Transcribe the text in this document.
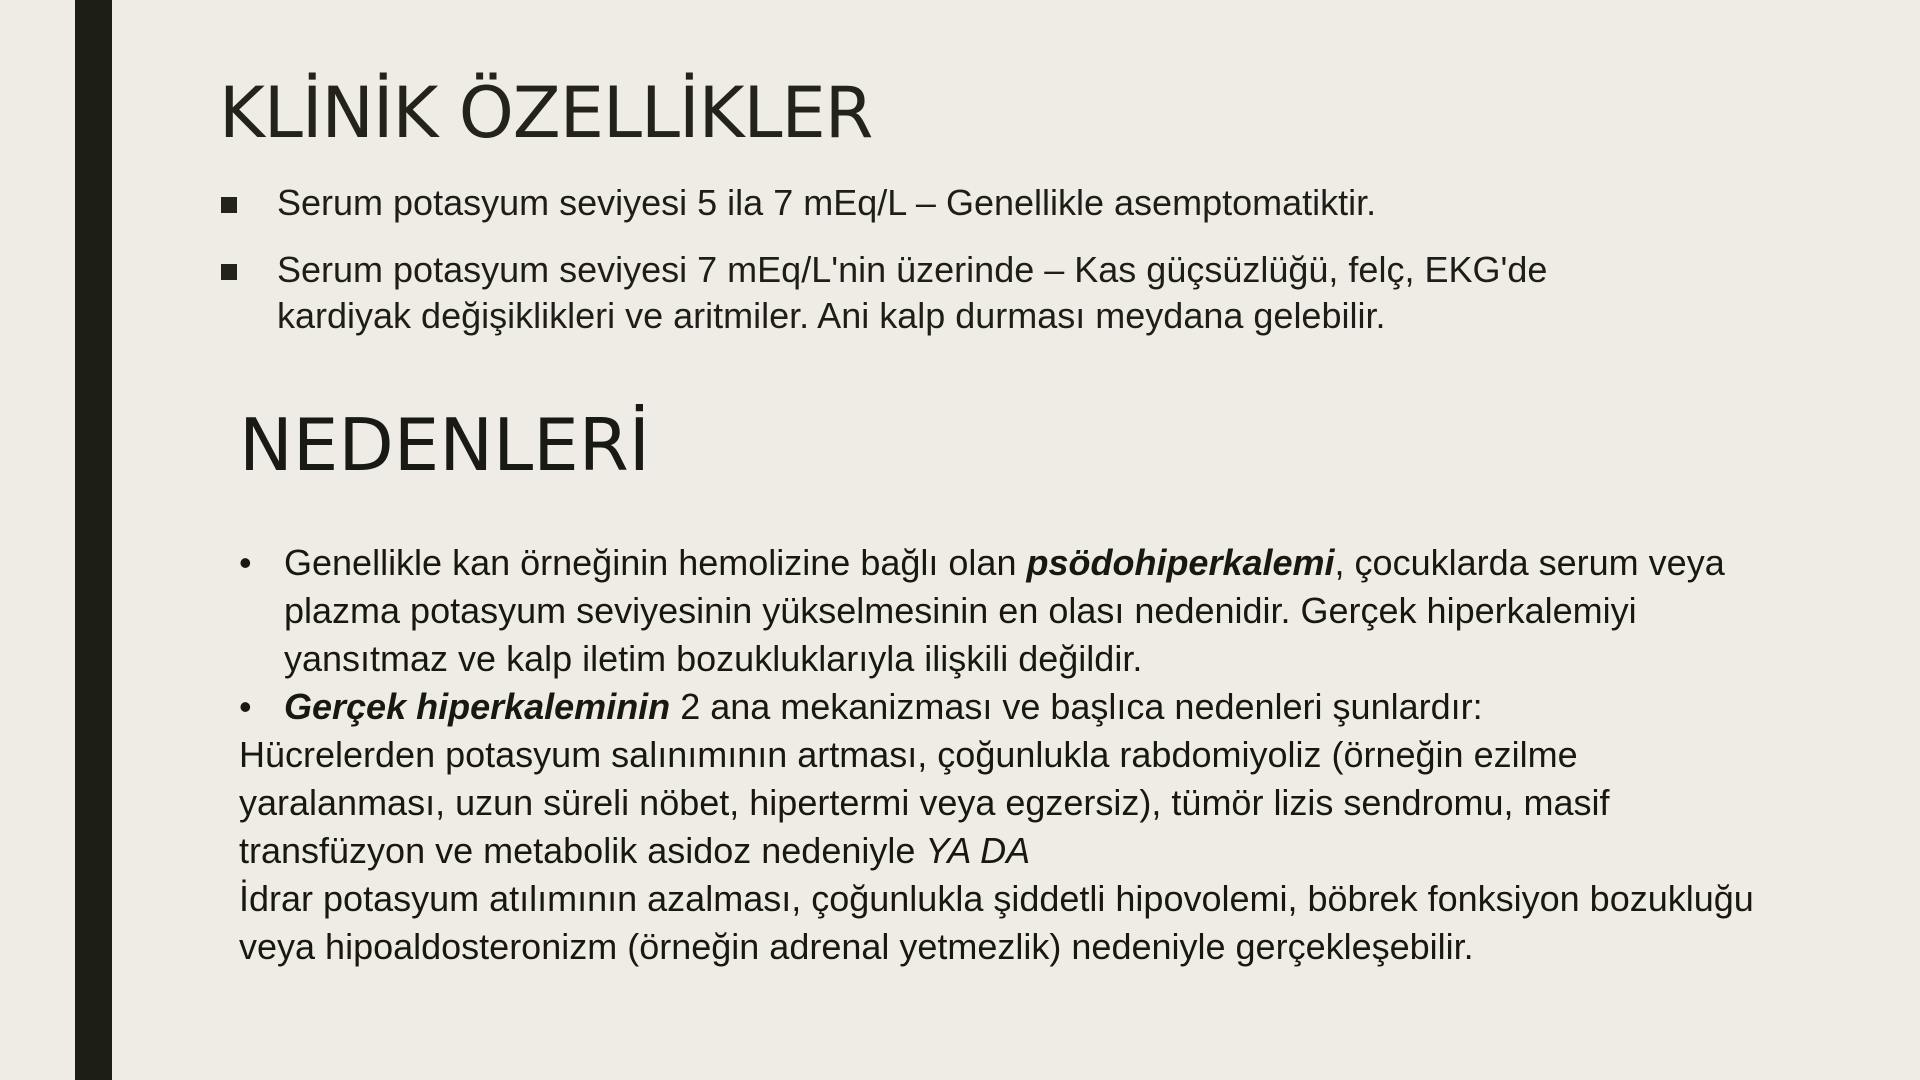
KLİNİK ÖZELLİKLER
Serum potasyum seviyesi 5 ila 7 mEq/L – Genellikle asemptomatiktir.
Serum potasyum seviyesi 7 mEq/L'nin üzerinde – Kas güçsüzlüğü, felç, EKG'de kardiyak değişiklikleri ve aritmiler. Ani kalp durması meydana gelebilir.
NEDENLERİ
• Genellikle kan örneğinin hemolizine bağlı olan psödohiperkalemi, çocuklarda serum veya plazma potasyum seviyesinin yükselmesinin en olası nedenidir. Gerçek hiperkalemiyi yansıtmaz ve kalp iletim bozukluklarıyla ilişkili değildir.
• Gerçek hiperkaleminin 2 ana mekanizması ve başlıca nedenleri şunlardır:

Hücrelerden potasyum salınımının artması, çoğunlukla rabdomiyoliz (örneğin ezilme yaralanması, uzun süreli nöbet, hipertermi veya egzersiz), tümör lizis sendromu, masif transfüzyon ve metabolik asidoz nedeniyle YA DA

İdrar potasyum atılımının azalması, çoğunlukla şiddetli hipovolemi, böbrek fonksiyon bozukluğu veya hipoaldosteronizm (örneğin adrenal yetmezlik) nedeniyle gerçekleşebilir.
